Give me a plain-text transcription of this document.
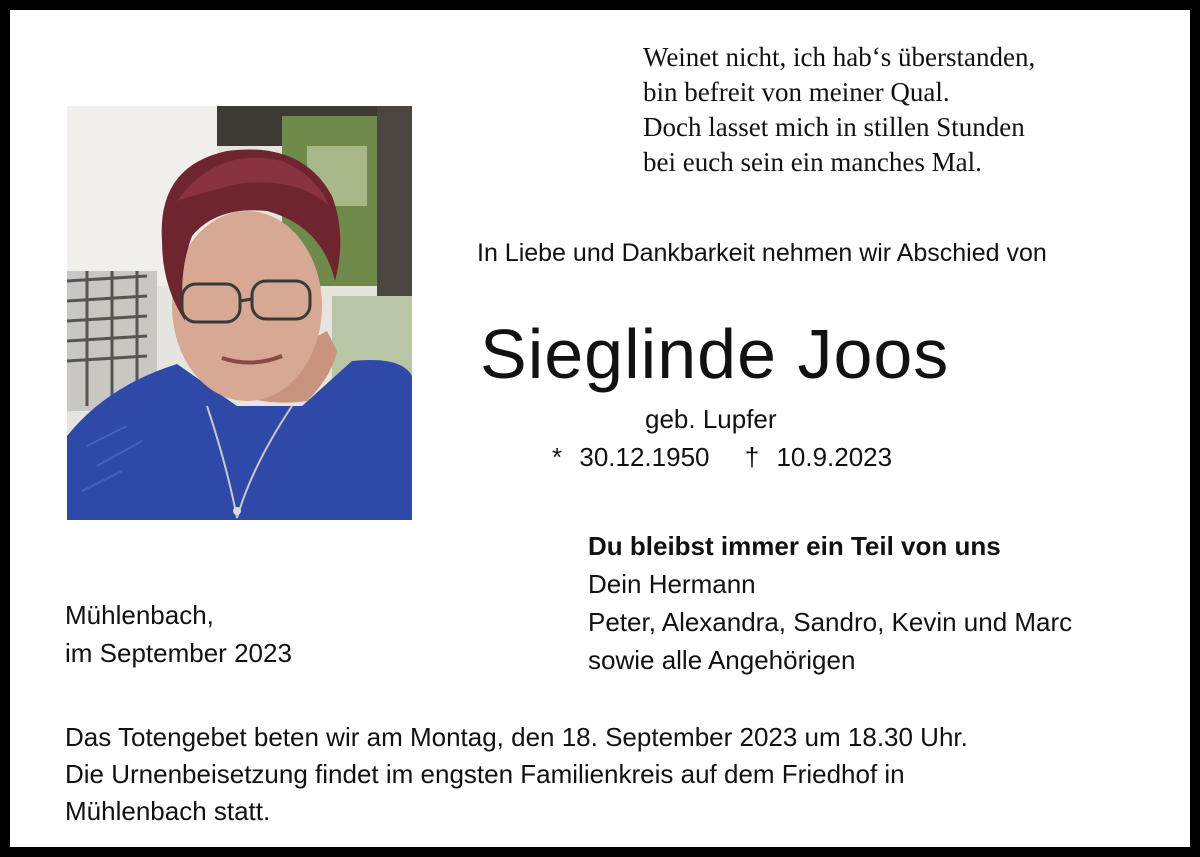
Weinet nicht, ich hab‘s überstanden,
bin befreit von meiner Qual.
Doch lasset mich in stillen Stunden
bei euch sein ein manches Mal.
In Liebe und Dankbarkeit nehmen wir Abschied von
Sieglinde Joos
geb. Lupfer
* 30.12.1950 † 10.9.2023
Mühlenbach,
im September 2023
Du bleibst immer ein Teil von uns
Dein Hermann
Peter, Alexandra, Sandro, Kevin und Marc
sowie alle Angehörigen
Das Totengebet beten wir am Montag, den 18. September 2023 um 18.30 Uhr.
Die Urnenbeisetzung findet im engsten Familienkreis auf dem Friedhof in
Mühlenbach statt.
